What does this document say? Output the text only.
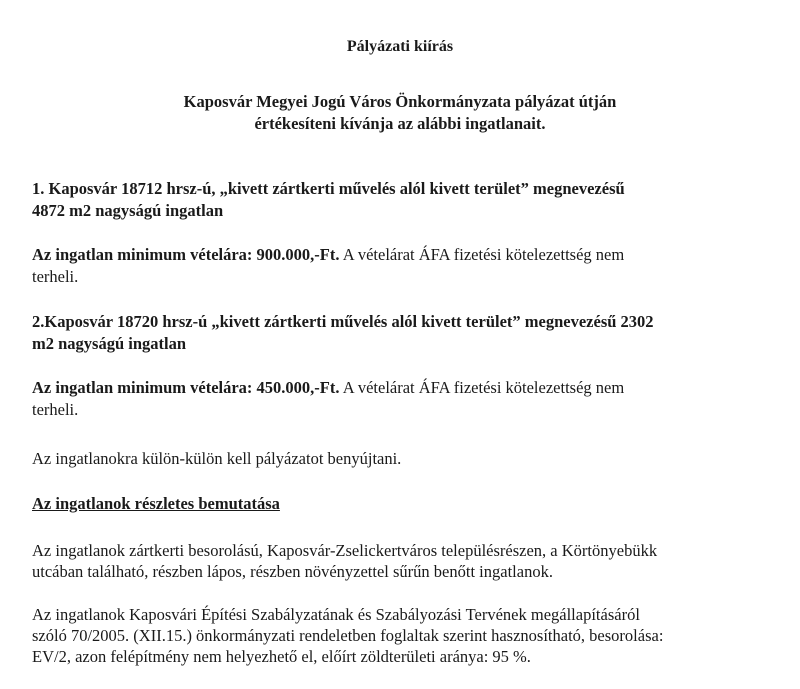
Pályázati kiírás
Kaposvár Megyei Jogú Város Önkormányzata pályázat útján
értékesíteni kívánja az alábbi ingatlanait.
1. Kaposvár 18712 hrsz-ú, „kivett zártkerti művelés alól kivett terület” megnevezésű
4872 m2 nagyságú ingatlan
Az ingatlan minimum vételára: 900.000,-Ft. A vételárat ÁFA fizetési kötelezettség nem
terheli.
2.Kaposvár 18720 hrsz-ú „kivett zártkerti művelés alól kivett terület” megnevezésű 2302
m2 nagyságú ingatlan
Az ingatlan minimum vételára: 450.000,-Ft. A vételárat ÁFA fizetési kötelezettség nem
terheli.
Az ingatlanokra külön-külön kell pályázatot benyújtani.
Az ingatlanok részletes bemutatása
Az ingatlanok zártkerti besorolású, Kaposvár-Zselickertváros településrészen, a Körtönyebükk
utcában található, részben lápos, részben növényzettel sűrűn benőtt ingatlanok.
Az ingatlanok Kaposvári Építési Szabályzatának és Szabályozási Tervének megállapításáról
szóló 70/2005. (XII.15.) önkormányzati rendeletben foglaltak szerint hasznosítható, besorolása:
EV/2, azon felépítmény nem helyezhető el, előírt zöldterületi aránya: 95 %.
